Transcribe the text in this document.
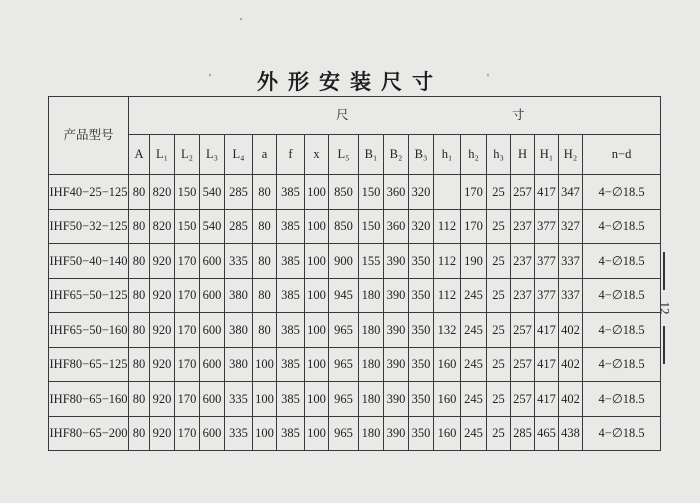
外形安装尺寸
'
'
'
12
产品型号	尺 寸																		

	A	L₁	L₂	L₃	L₄	a	f	x	L₅	B₁	B₂	B₃	h₁	h₂	h₃	H	H₁	H₂	n−d
IHF40−25−125	80	820	150	540	285	80	385	100	850	150	360	320		170	25	257	417	347	4−∅18.5
IHF50−32−125	80	820	150	540	285	80	385	100	850	150	360	320	112	170	25	237	377	327	4−∅18.5
IHF50−40−140	80	920	170	600	335	80	385	100	900	155	390	350	112	190	25	237	377	337	4−∅18.5
IHF65−50−125	80	920	170	600	380	80	385	100	945	180	390	350	112	245	25	237	377	337	4−∅18.5
IHF65−50−160	80	920	170	600	380	80	385	100	965	180	390	350	132	245	25	257	417	402	4−∅18.5
IHF80−65−125	80	920	170	600	380	100	385	100	965	180	390	350	160	245	25	257	417	402	4−∅18.5
IHF80−65−160	80	920	170	600	335	100	385	100	965	180	390	350	160	245	25	257	417	402	4−∅18.5
IHF80−65−200	80	920	170	600	335	100	385	100	965	180	390	350	160	245	25	285	465	438	4−∅18.5
